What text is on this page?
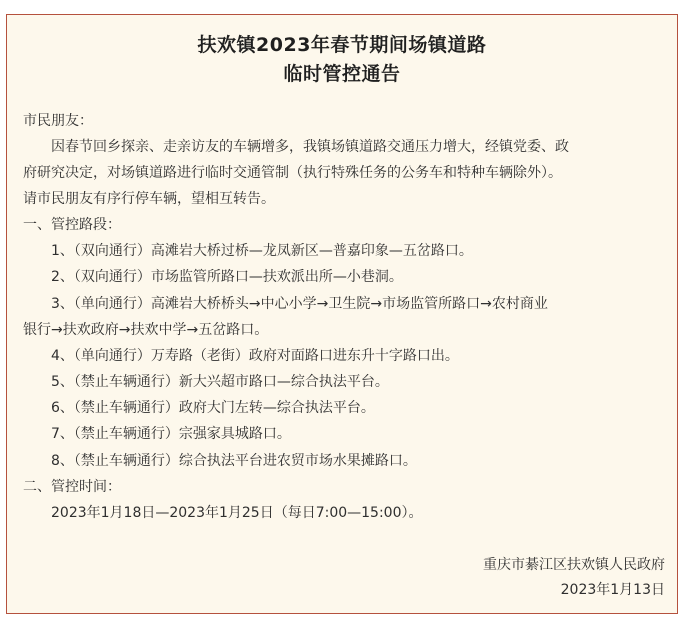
扶欢镇2023年春节期间场镇道路
临时管控通告
市民朋友：
因春节回乡探亲、走亲访友的车辆增多，我镇场镇道路交通压力增大，经镇党委、政
府研究决定，对场镇道路进行临时交通管制（执行特殊任务的公务车和特种车辆除外）。
请市民朋友有序行停车辆，望相互转告。
一、管控路段：
1、（双向通行）高滩岩大桥过桥—龙凤新区—普嘉印象—五岔路口。
2、（双向通行）市场监管所路口—扶欢派出所—小巷洞。
3、（单向通行）高滩岩大桥桥头→中心小学→卫生院→市场监管所路口→农村商业
银行→扶欢政府→扶欢中学→五岔路口。
4、（单向通行）万寿路（老街）政府对面路口进东升十字路口出。
5、（禁止车辆通行）新大兴超市路口—综合执法平台。
6、（禁止车辆通行）政府大门左转—综合执法平台。
7、（禁止车辆通行）宗强家具城路口。
8、（禁止车辆通行）综合执法平台进农贸市场水果摊路口。
二、管控时间：
2023年1月18日—2023年1月25日（每日7:00—15:00）。
重庆市綦江区扶欢镇人民政府
2023年1月13日
